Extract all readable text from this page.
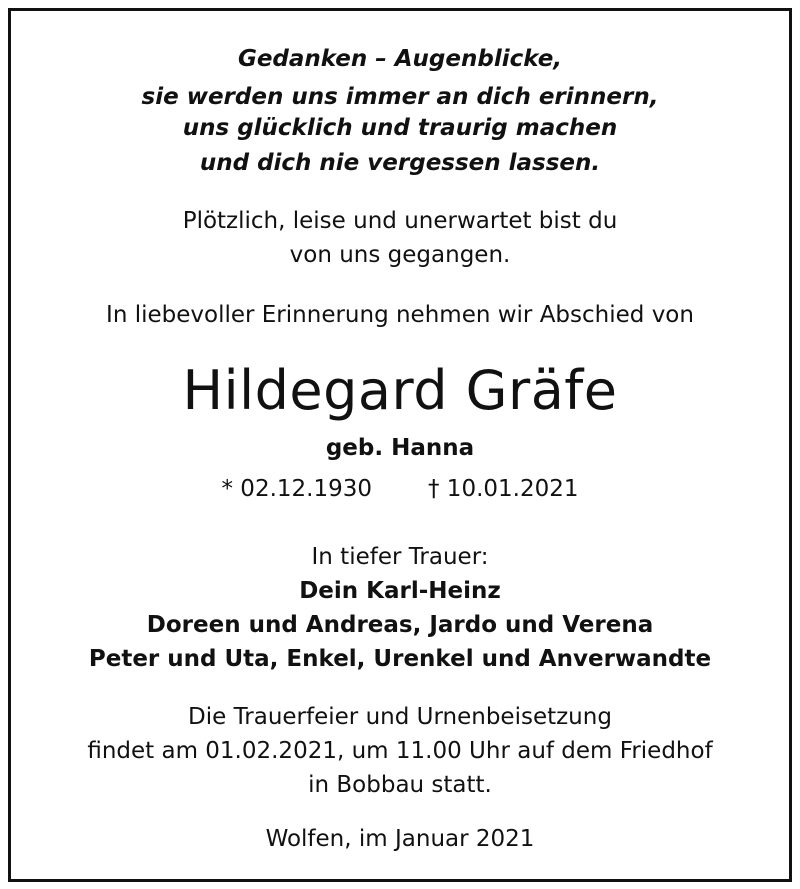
Gedanken – Augenblicke,
sie werden uns immer an dich erinnern,
uns glücklich und traurig machen
und dich nie vergessen lassen.
Plötzlich, leise und unerwartet bist du
von uns gegangen.
In liebevoller Erinnerung nehmen wir Abschied von
Hildegard Gräfe
geb. Hanna
* 02.12.1930 † 10.01.2021
In tiefer Trauer:
Dein Karl-Heinz
Doreen und Andreas, Jardo und Verena
Peter und Uta, Enkel, Urenkel und Anverwandte
Die Trauerfeier und Urnenbeisetzung
findet am 01.02.2021, um 11.00 Uhr auf dem Friedhof
in Bobbau statt.
Wolfen, im Januar 2021
